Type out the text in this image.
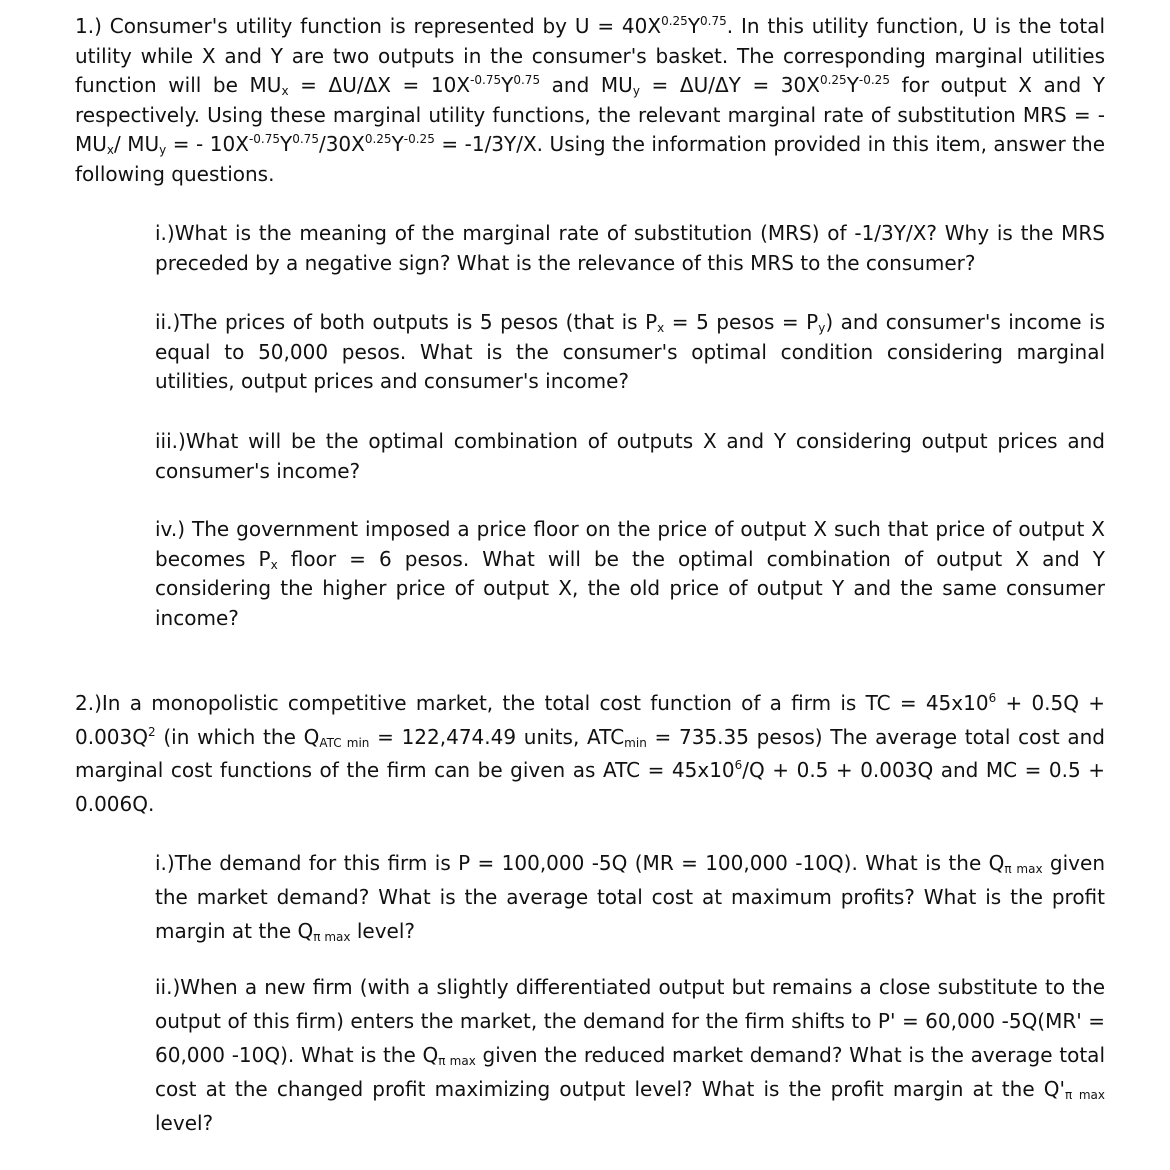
1.) Consumer's utility function is represented by $U = 40X^{0.25}Y^{0.75}$. In this utility function, U is the total utility while X and Y are two outputs in the consumer's basket. The corresponding marginal utilities function will be $MU_x = \Delta U/\Delta X = 10X^{-0.75}Y^{0.75}$ and $MU_y = \Delta U/\Delta Y = 30X^{0.25}Y^{-0.25}$ for output X and Y respectively. Using these marginal utility functions, the relevant marginal rate of substitution MRS = - $MU_x/$ $MU_y$ = - $10X^{-0.75}Y^{0.75}/30X^{0.25}Y^{-0.25} = -1/3Y/X$. Using the information provided in this item, answer the following questions.

i.)What is the meaning of the marginal rate of substitution (MRS) of -1/3Y/X? Why is the MRS preceded by a negative sign? What is the relevance of this MRS to the consumer?

ii.)The prices of both outputs is 5 pesos (that is $P_x = 5$ pesos = $P_y$) and consumer's income is equal to 50,000 pesos. What is the consumer's optimal condition considering marginal utilities, output prices and consumer's income?

iii.)What will be the optimal combination of outputs X and Y considering output prices and consumer's income?

iv.) The government imposed a price floor on the price of output X such that price of output X becomes $P_x$ floor = 6 pesos. What will be the optimal combination of output X and Y considering the higher price of output X, the old price of output Y and the same consumer income?

2.)In a monopolistic competitive market, the total cost function of a firm is TC = $45x10^6 + 0.5Q + 0.003Q^2$ (in which the $Q_{ATC min} = 122,474.49$ units, $ATC_{min} = 735.35$ pesos) The average total cost and marginal cost functions of the firm can be given as ATC = $45x10^6/Q + 0.5 + 0.003Q$ and MC = 0.5 + 0.006Q.

i.)The demand for this firm is P = 100,000 -5Q (MR = 100,000 -10Q). What is the $Q_{\pi max}$ given the market demand? What is the average total cost at maximum profits? What is the profit margin at the $Q_{\pi max}$ level?

ii.)When a new firm (with a slightly differentiated output but remains a close substitute to the output of this firm) enters the market, the demand for the firm shifts to P' = 60,000 -5Q(MR' = 60,000 -10Q). What is the $Q_{\pi max}$ given the reduced market demand? What is the average total cost at the changed profit maximizing output level? What is the profit margin at the $Q'_{\pi max}$ level?
